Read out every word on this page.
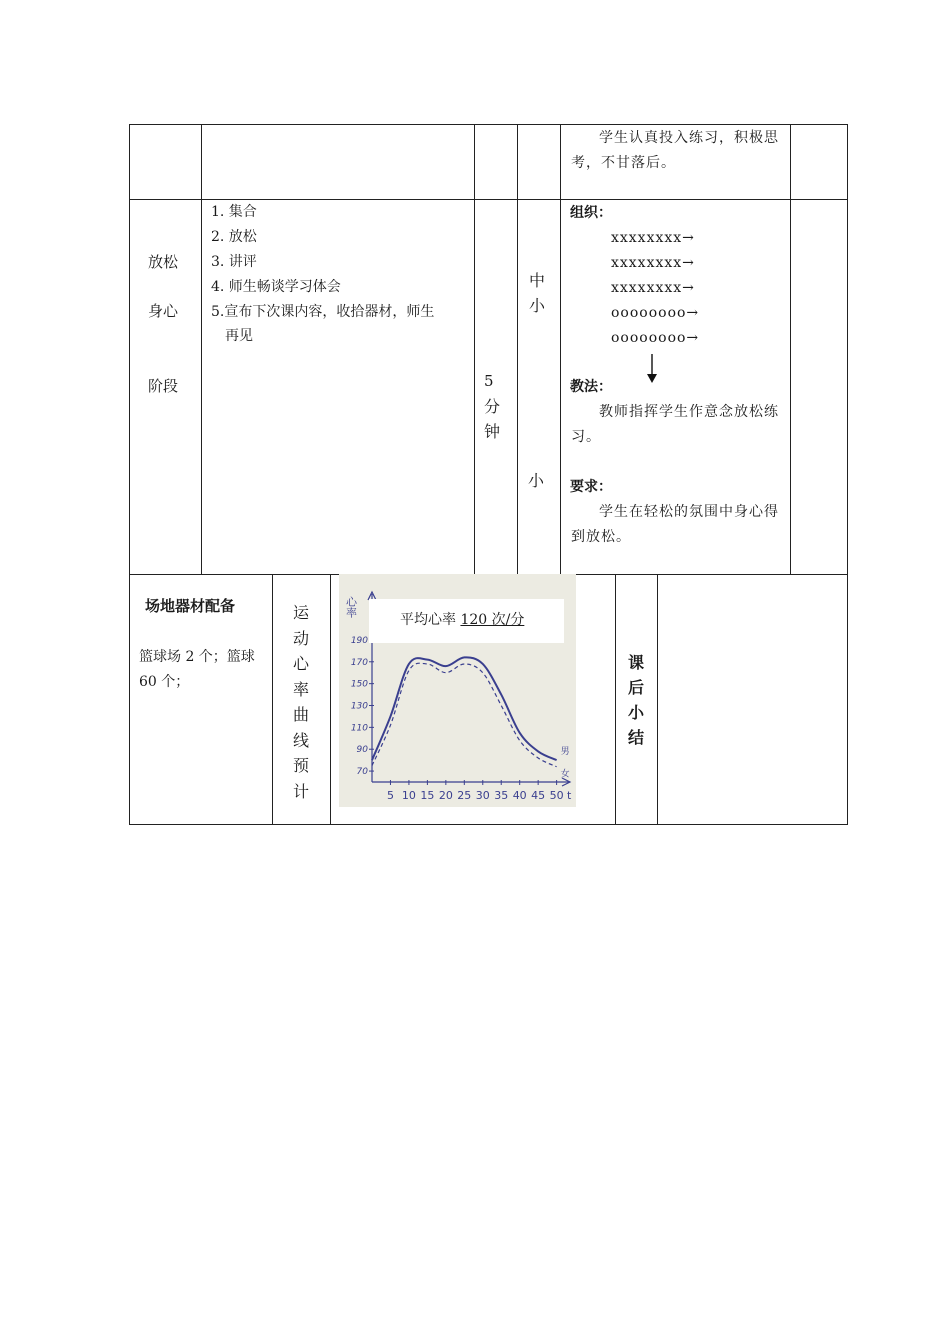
学生认真投入练习，积极思考，不甘落后。
放松
身心
阶段
1. 集合
2. 放松
3. 讲评
4. 师生畅谈学习体会
5.宣布下次课内容，收拾器材，师生
再见
5
分
钟
中小
小
组织：
xxxxxxxx→
xxxxxxxx→
xxxxxxxx→
oooooooo→
oooooooo→
教法：
教师指挥学生作意念放松练习。
要求：
学生在轻松的氛围中身心得到放松。
场地器材配备
篮球场 2 个；篮球 60 个；
运动心率曲线预计
课后小结
心率
70
90
110
130
150
170
190
5 10 15 20 25 30 35 40 45 50 t
男
女
平均心率 120 次/分
